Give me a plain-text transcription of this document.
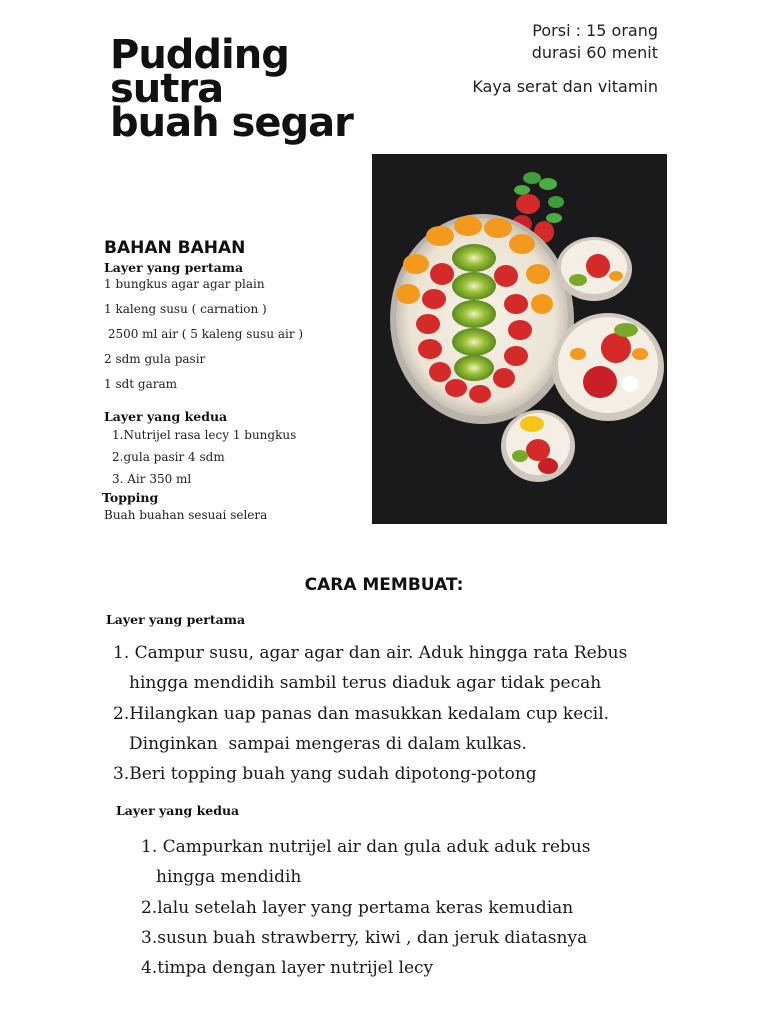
Pudding
sutra
buah segar
Porsi : 15 orang
durasi 60 menit
Kaya serat dan vitamin
BAHAN BAHAN
Layer yang pertama
1 bungkus agar agar plain
1 kaleng susu ( carnation )
2500 ml air ( 5 kaleng susu air )
2 sdm gula pasir
1 sdt garam
Layer yang kedua
1.Nutrijel rasa lecy 1 bungkus
2.gula pasir 4 sdm
3. Air 350 ml
Topping
Buah buahan sesuai selera
CARA MEMBUAT:
Layer yang pertama
1. Campur susu, agar agar dan air. Aduk hingga rata Rebus
hingga mendidih sambil terus diaduk agar tidak pecah
2.Hilangkan uap panas dan masukkan kedalam cup kecil.
Dinginkan  sampai mengeras di dalam kulkas.
3.Beri topping buah yang sudah dipotong-potong
Layer yang kedua
1. Campurkan nutrijel air dan gula aduk aduk rebus
hingga mendidih
2.lalu setelah layer yang pertama keras kemudian
3.susun buah strawberry, kiwi , dan jeruk diatasnya
4.timpa dengan layer nutrijel lecy
